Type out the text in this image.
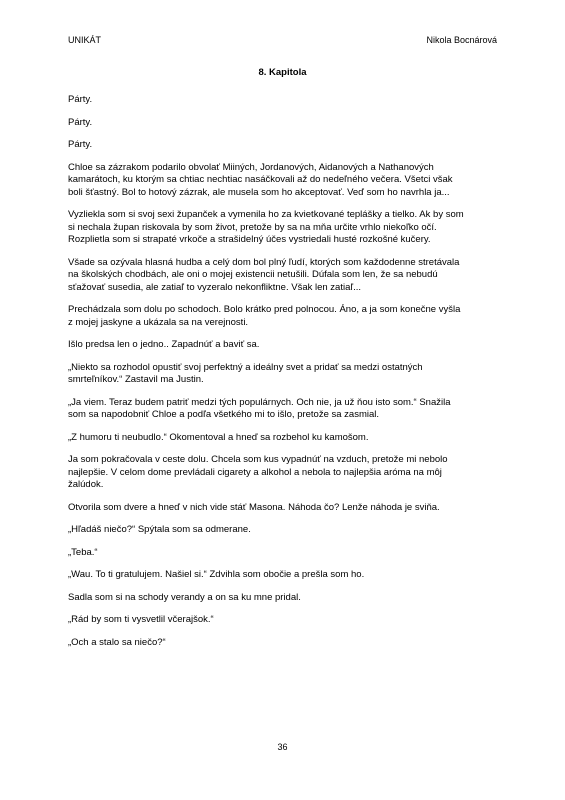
UNIKÁT	Nikola Bocnárová
8. Kapitola

Párty.

Párty.

Párty.

Chloe sa zázrakom podarilo obvolať Miiných, Jordanových, Aidanových a Nathanových
kamarátoch, ku ktorým sa chtiac nechtiac nasáčkovali až do nedeľného večera. Všetci však
boli šťastný. Bol to hotový zázrak, ale musela som ho akceptovať. Veď som ho navrhla ja...

Vyzliekla som si svoj sexi županček a vymenila ho za kvietkované teplášky a tielko. Ak by som
si nechala župan riskovala by som život, pretože by sa na mňa určite vrhlo niekoľko očí.
Rozplietla som si strapaté vrkoče a strašidelný účes vystriedali husté rozkošné kučery.

Všade sa ozývala hlasná hudba a celý dom bol plný ľudí, ktorých som každodenne stretávala
na školských chodbách, ale oni o mojej existencii netušili. Dúfala som len, že sa nebudú
sťažovať susedia, ale zatiaľ to vyzeralo nekonfliktne. Však len zatiaľ...

Prechádzala som dolu po schodoch. Bolo krátko pred polnocou. Áno, a ja som konečne vyšla
z mojej jaskyne a ukázala sa na verejnosti.

Išlo predsa len o jedno.. Zapadnúť a baviť sa.

„Niekto sa rozhodol opustiť svoj perfektný a ideálny svet a pridať sa medzi ostatných
smrteľníkov.“ Zastavil ma Justin.

„Ja viem. Teraz budem patriť medzi tých populárnych. Och nie, ja už ňou isto som.“ Snažila
som sa napodobniť Chloe a podľa všetkého mi to išlo, pretože sa zasmial.

„Z humoru ti neubudlo.“ Okomentoval a hneď sa rozbehol ku kamošom.

Ja som pokračovala v ceste dolu. Chcela som kus vypadnúť na vzduch, pretože mi nebolo
najlepšie. V celom dome prevládali cigarety a alkohol a nebola to najlepšia aróma na môj
žalúdok.

Otvorila som dvere a hneď v nich vide stáť Masona. Náhoda čo? Lenže náhoda je sviňa.

„Hľadáš niečo?“ Spýtala som sa odmerane.

„Teba.“

„Wau. To ti gratulujem. Našiel si.“ Zdvihla som obočie a prešla som ho.

Sadla som si na schody verandy a on sa ku mne pridal.

„Rád by som ti vysvetlil včerajšok.“

„Och a stalo sa niečo?“

36
